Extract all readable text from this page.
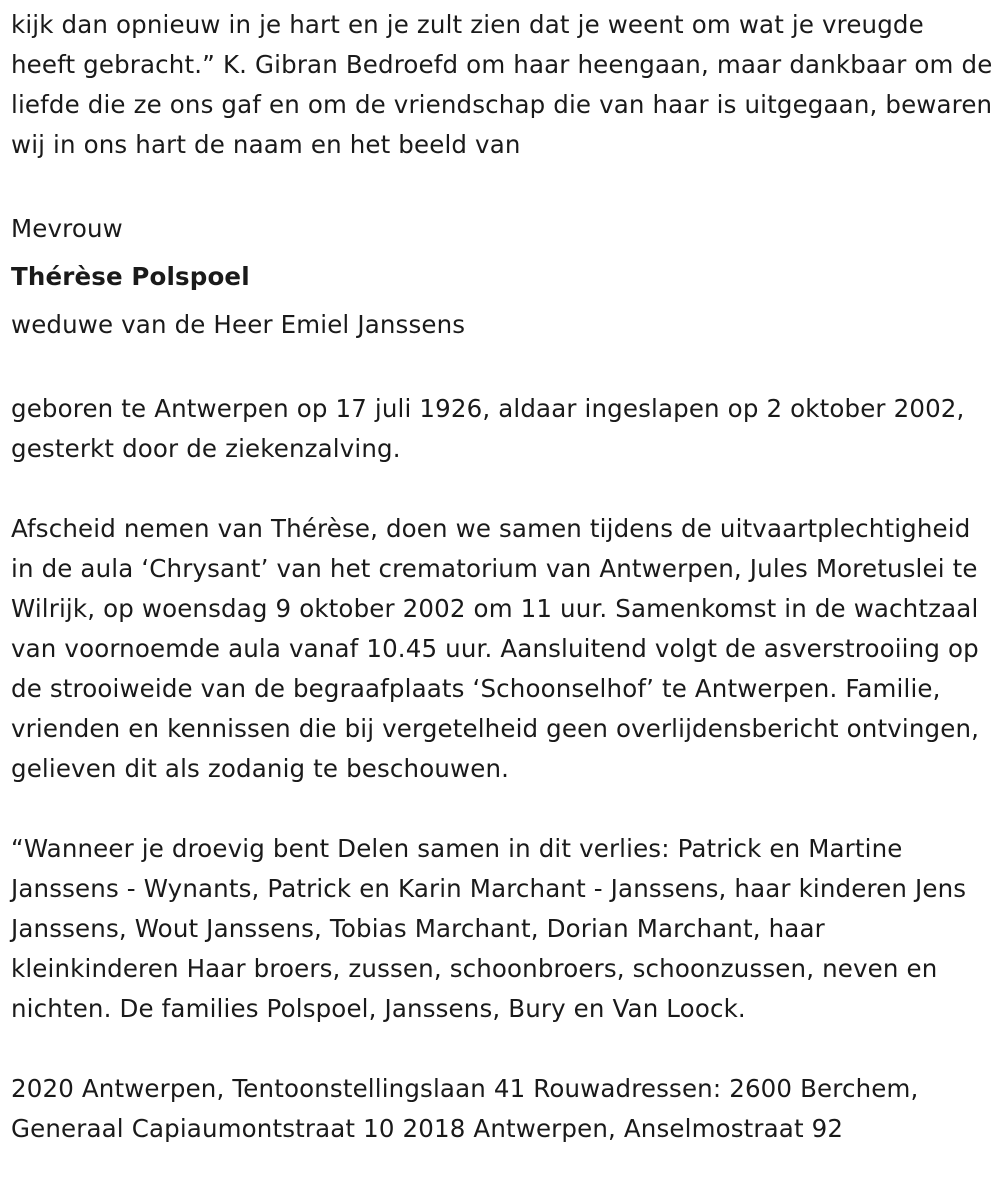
kijk dan opnieuw in je hart en je zult zien dat je weent om wat je vreugde heeft gebracht.” K. Gibran Bedroefd om haar heengaan, maar dankbaar om de liefde die ze ons gaf en om de vriendschap die van haar is uitgegaan, bewaren wij in ons hart de naam en het beeld van

Mevrouw

Thérèse Polspoel

weduwe van de Heer Emiel Janssens

geboren te Antwerpen op 17 juli 1926, aldaar ingeslapen op 2 oktober 2002, gesterkt door de ziekenzalving.

Afscheid nemen van Thérèse, doen we samen tijdens de uitvaartplechtigheid in de aula ‘Chrysant’ van het crematorium van Antwerpen, Jules Moretuslei te Wilrijk, op woensdag 9 oktober 2002 om 11 uur. Samenkomst in de wachtzaal van voornoemde aula vanaf 10.45 uur. Aansluitend volgt de asverstrooiing op de strooiweide van de begraafplaats ‘Schoonselhof’ te Antwerpen. Familie, vrienden en kennissen die bij vergetelheid geen overlijdensbericht ontvingen, gelieven dit als zodanig te beschouwen.

“Wanneer je droevig bent Delen samen in dit verlies: Patrick en Martine Janssens - Wynants, Patrick en Karin Marchant - Janssens, haar kinderen Jens Janssens, Wout Janssens, Tobias Marchant, Dorian Marchant, haar kleinkinderen Haar broers, zussen, schoonbroers, schoonzussen, neven en nichten. De families Polspoel, Janssens, Bury en Van Loock.

2020 Antwerpen, Tentoonstellingslaan 41 Rouwadressen: 2600 Berchem, Generaal Capiaumontstraat 10 2018 Antwerpen, Anselmostraat 92
